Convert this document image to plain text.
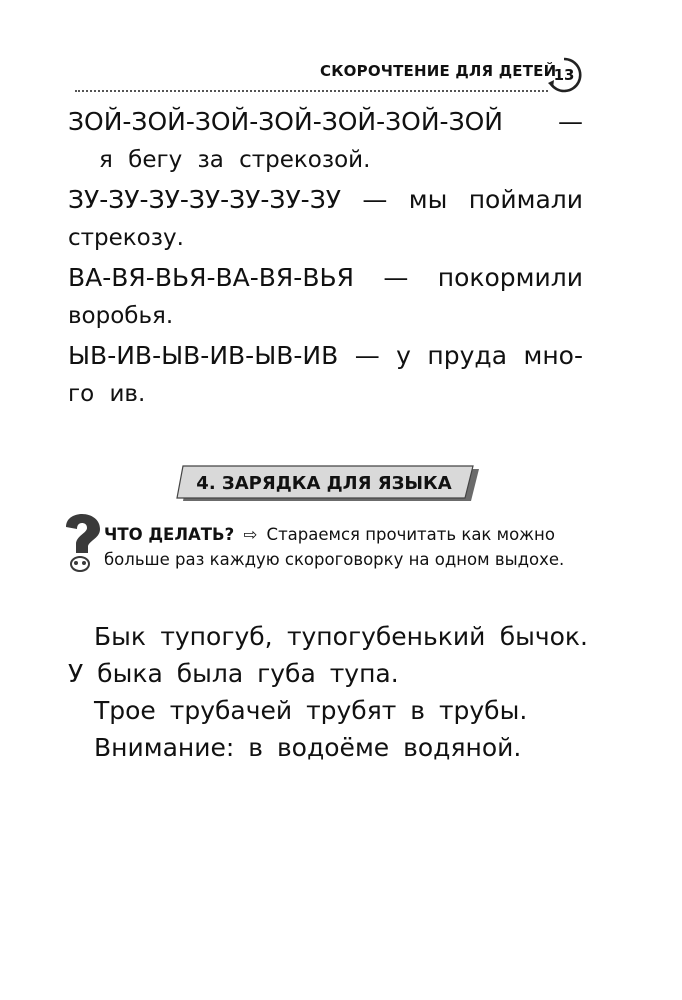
СКОРОЧТЕНИЕ ДЛЯ ДЕТЕЙ
13
ЗОЙ-ЗОЙ-ЗОЙ-ЗОЙ-ЗОЙ-ЗОЙ-ЗОЙ —
я бегу за стрекозой.
ЗУ-ЗУ-ЗУ-ЗУ-ЗУ-ЗУ-ЗУ — мы поймали
стрекозу.
ВА-ВЯ-ВЬЯ-ВА-ВЯ-ВЬЯ — покормили
воробья.
ЫВ-ИВ-ЫВ-ИВ-ЫВ-ИВ — у пруда мно-
го ив.
4. ЗАРЯДКА ДЛЯ ЯЗЫКА
ЧТО ДЕЛАТЬ? ⇨ Стараемся прочитать как можно больше раз каждую скороговорку на одном выдохе.
Бык тупогуб, тупогубенький бычок.
У быка была губа тупа.
Трое трубачей трубят в трубы.
Внимание: в водоёме водяной.
